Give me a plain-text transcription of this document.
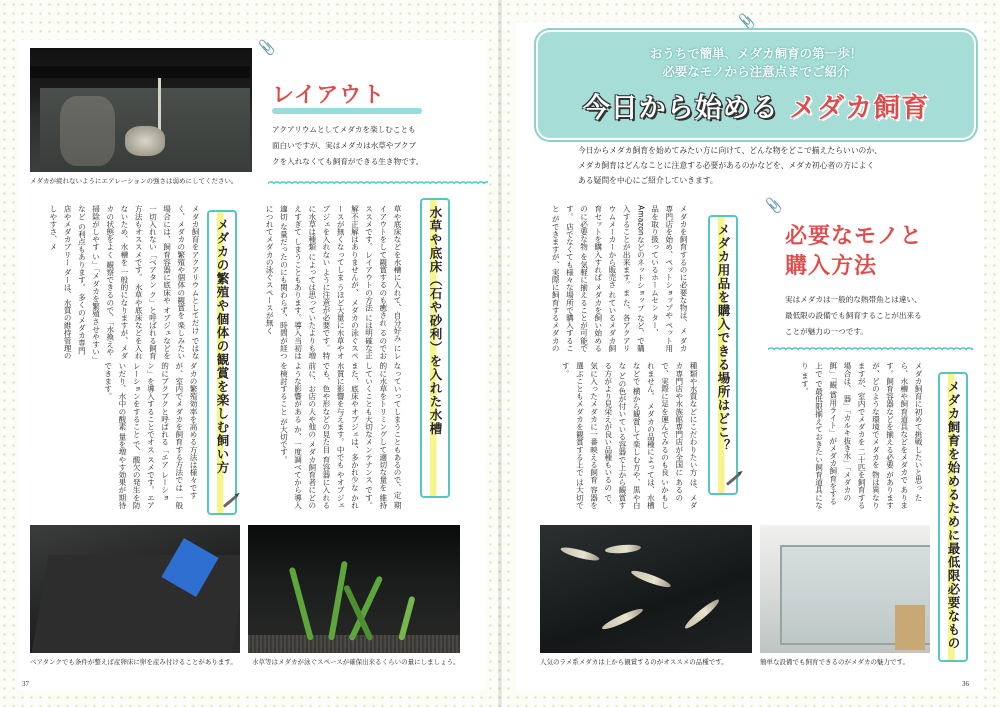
メダカが疲れないようにエアレーションの強さは弱めにしてください。
📎
レイアウト
アクアリウムとしてメダカを楽しむことも
面白いですが、実はメダカは水草やブクブ
クを入れなくても飼育ができる生き物です。
水草や底床（石や砂利）を入れた水槽
メダカの繁殖や個体の観賞を楽しむ飼い方	草や底床などを水槽に入れて、自分好み にレイアウトをして観賞するのも癒され るのでおススメです。レイアウトの方法 には明確な正解不正解はありませんが、 メダカの泳ぐスペースが無くなってしま うほど大量に水草やオブジェを入れない ように注意が必要です。特に水草は種類 によっては思っていたよりも増えすぎて しまうこともあります。導入当初は適切 な量だったのにも関わらず、時間が経つ につれてメダカの泳ぐスペースが無く
なっていってしまうこともあるので、定 期的に水草をトリミングして適切な量を 維持していくことも大切なメンテナンス です。 また、底床やオブジェは、多かれ少な かれ水質に影響を与えます。中でも やオブジェでも、色や形などの見た目 育容器に入れる前に、お店の人や他の メダカ飼育者にどのような影響がある か、一度調べてから導入を検討すること が大切です。
メダカ飼育をアクアリウムとしてだけ ではなく、メダカの繁殖や個体の観賞を 楽しみたい場合には、飼育容器に底床や オブジェなどを一切入れない「ベアタン ク」と呼ばれる飼育方法もオススメです。 水草や底床などを入れないため、水槽を 一般的になりますが、メダカの状態をよく 観察できるので、「水換えや掃除がしやす い」「メダカを繁殖させやすい」など の利点もあります。 多くのメダカ専門店やメダカブリー ダーは、水質の維持管理のしやすさ、メ
ダカの繁殖効率を高める方法は様々です が、室内でメダカを飼育する方法では 一般的にブクブクと呼ばれる「エア レーション」を導入することでオス スメです。エアレーションをすること で、酸欠の発生を防いだり、水中の酸素 量を増やす効果が期待できます。
ベアタンクでも条件が整えば産卵床に卵を産み付けることがあります。 水草等はメダカが泳ぐスペースが確保出来るくらいの量にしましょう。
37
📎
おうちで簡単、メダカ飼育の第一歩！
必要なモノから注意点までご紹介
今日から始める メダカ飼育
今日からメダカ飼育を始めてみたい方に向けて、どんな物をどこで揃えたらいいのか、
メダカ飼育はどんなことに注意する必要があるのかなどを、メダカ初心者の方によく
ある疑問を中心にご紹介していきます。
メダカを飼育するのに必要な物は、メ ダカ専門店を始め、ペットショップや ペット用品を取り扱っているホームセン ター、Amazonなどのネットショップ など、で購入することが出来ます。ま た、各アクアリウムメーカーから販売さ れているメダカ飼育セットを購入すれば メダカを飼い始めるのに必要な物 を気軽に揃えることが可能です。 店でなくても様々な場所で購入すること ができますが、実際に飼育するメダカの	メダカ用品を購入できる場所はどこ？
📎
必要なモノと
購入方法
実はメダカは一般的な熱帯魚とは違い、
最低限の設備でも飼育することが出来る
ことが魅力の一つです。
種類や水質などにこだわりたい方 は、メダカ専門店や水族館専門店が全国に あるので、実際に足を運んでみるのも良 いかもしれません。 メダカの品種によっては、水槽などで 横から観賞して楽しむ方や、黒や白な どの色が付いている容器で上から観賞す る方がより見栄えが良い品種もいるの で、気に入ったメダカに一番映える飼育 容器を選ぶこともメダカを観賞する上で は大切です。	メダカ飼育に初めて挑戦したいと思っ たら、水槽や飼育道具などをメダカで あります。飼育容器などを揃える必要 がありますが、どのような環境でメダカを 物は異なりますが、室内でメダカを 二十匹を飼育する場合は、 器」「カルキ抜き水」「メダカの餌」「観 賞用ライト」がメダカ飼育をする上で で最低限揃えておきたい飼育道具になり ます。	メダカ飼育を始めるために最低限必要なもの
人気のラメ系メダカは上から観賞するのがオススメの品種です。	簡単な設備でも飼育できるのがメダカの魅力です。
36
